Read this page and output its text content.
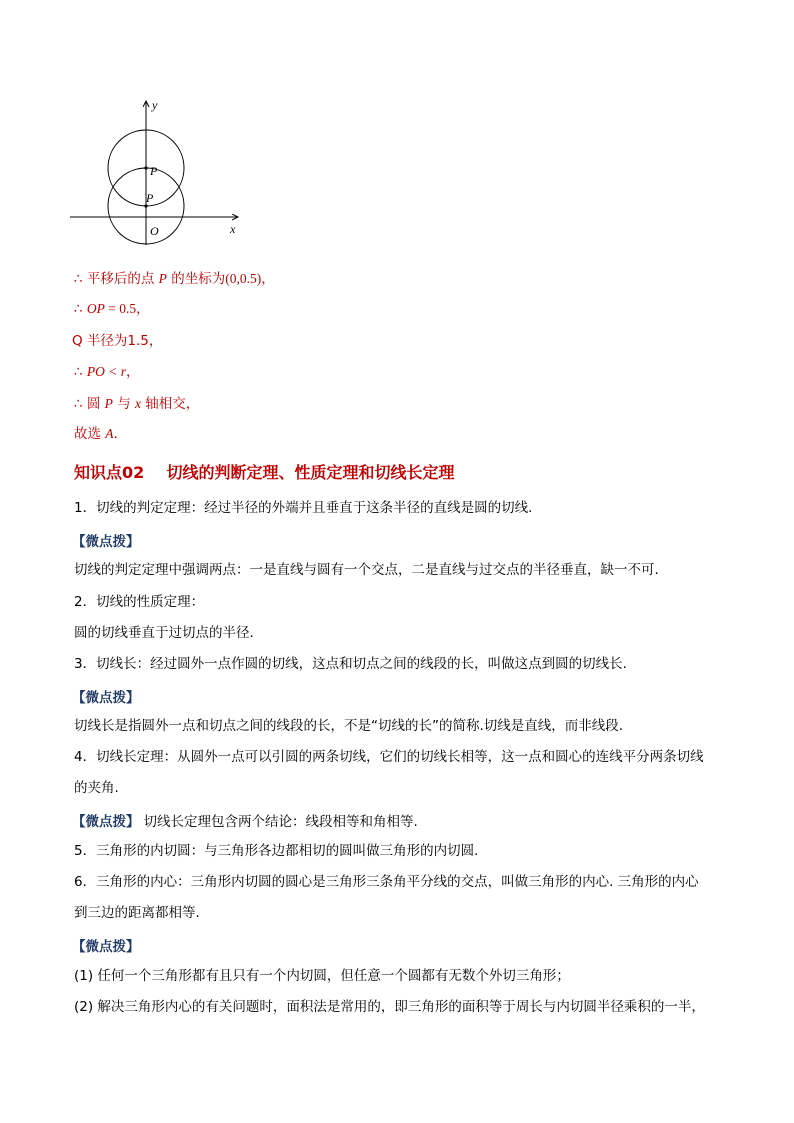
y
x
O
P
P
∴ 平移后的点 P 的坐标为(0,0.5)，
∴ OP = 0.5，
Q 半径为1.5，
∴ PO < r，
∴ 圆 P 与 x 轴相交，
故选 A.
知识点02    切线的判断定理、性质定理和切线长定理
1．切线的判定定理：经过半径的外端并且垂直于这条半径的直线是圆的切线.
【微点拨】
切线的判定定理中强调两点：一是直线与圆有一个交点，二是直线与过交点的半径垂直，缺一不可.
2．切线的性质定理：
圆的切线垂直于过切点的半径.
3．切线长：经过圆外一点作圆的切线，这点和切点之间的线段的长，叫做这点到圆的切线长.
【微点拨】
切线长是指圆外一点和切点之间的线段的长，不是“切线的长”的简称.切线是直线，而非线段.
4．切线长定理：从圆外一点可以引圆的两条切线，它们的切线长相等，这一点和圆心的连线平分两条切线
的夹角.
【微点拨】 切线长定理包含两个结论：线段相等和角相等.
5．三角形的内切圆：与三角形各边都相切的圆叫做三角形的内切圆.
6．三角形的内心：三角形内切圆的圆心是三角形三条角平分线的交点，叫做三角形的内心. 三角形的内心
到三边的距离都相等.
【微点拨】
(1) 任何一个三角形都有且只有一个内切圆，但任意一个圆都有无数个外切三角形；
(2) 解决三角形内心的有关问题时，面积法是常用的，即三角形的面积等于周长与内切圆半径乘积的一半，
